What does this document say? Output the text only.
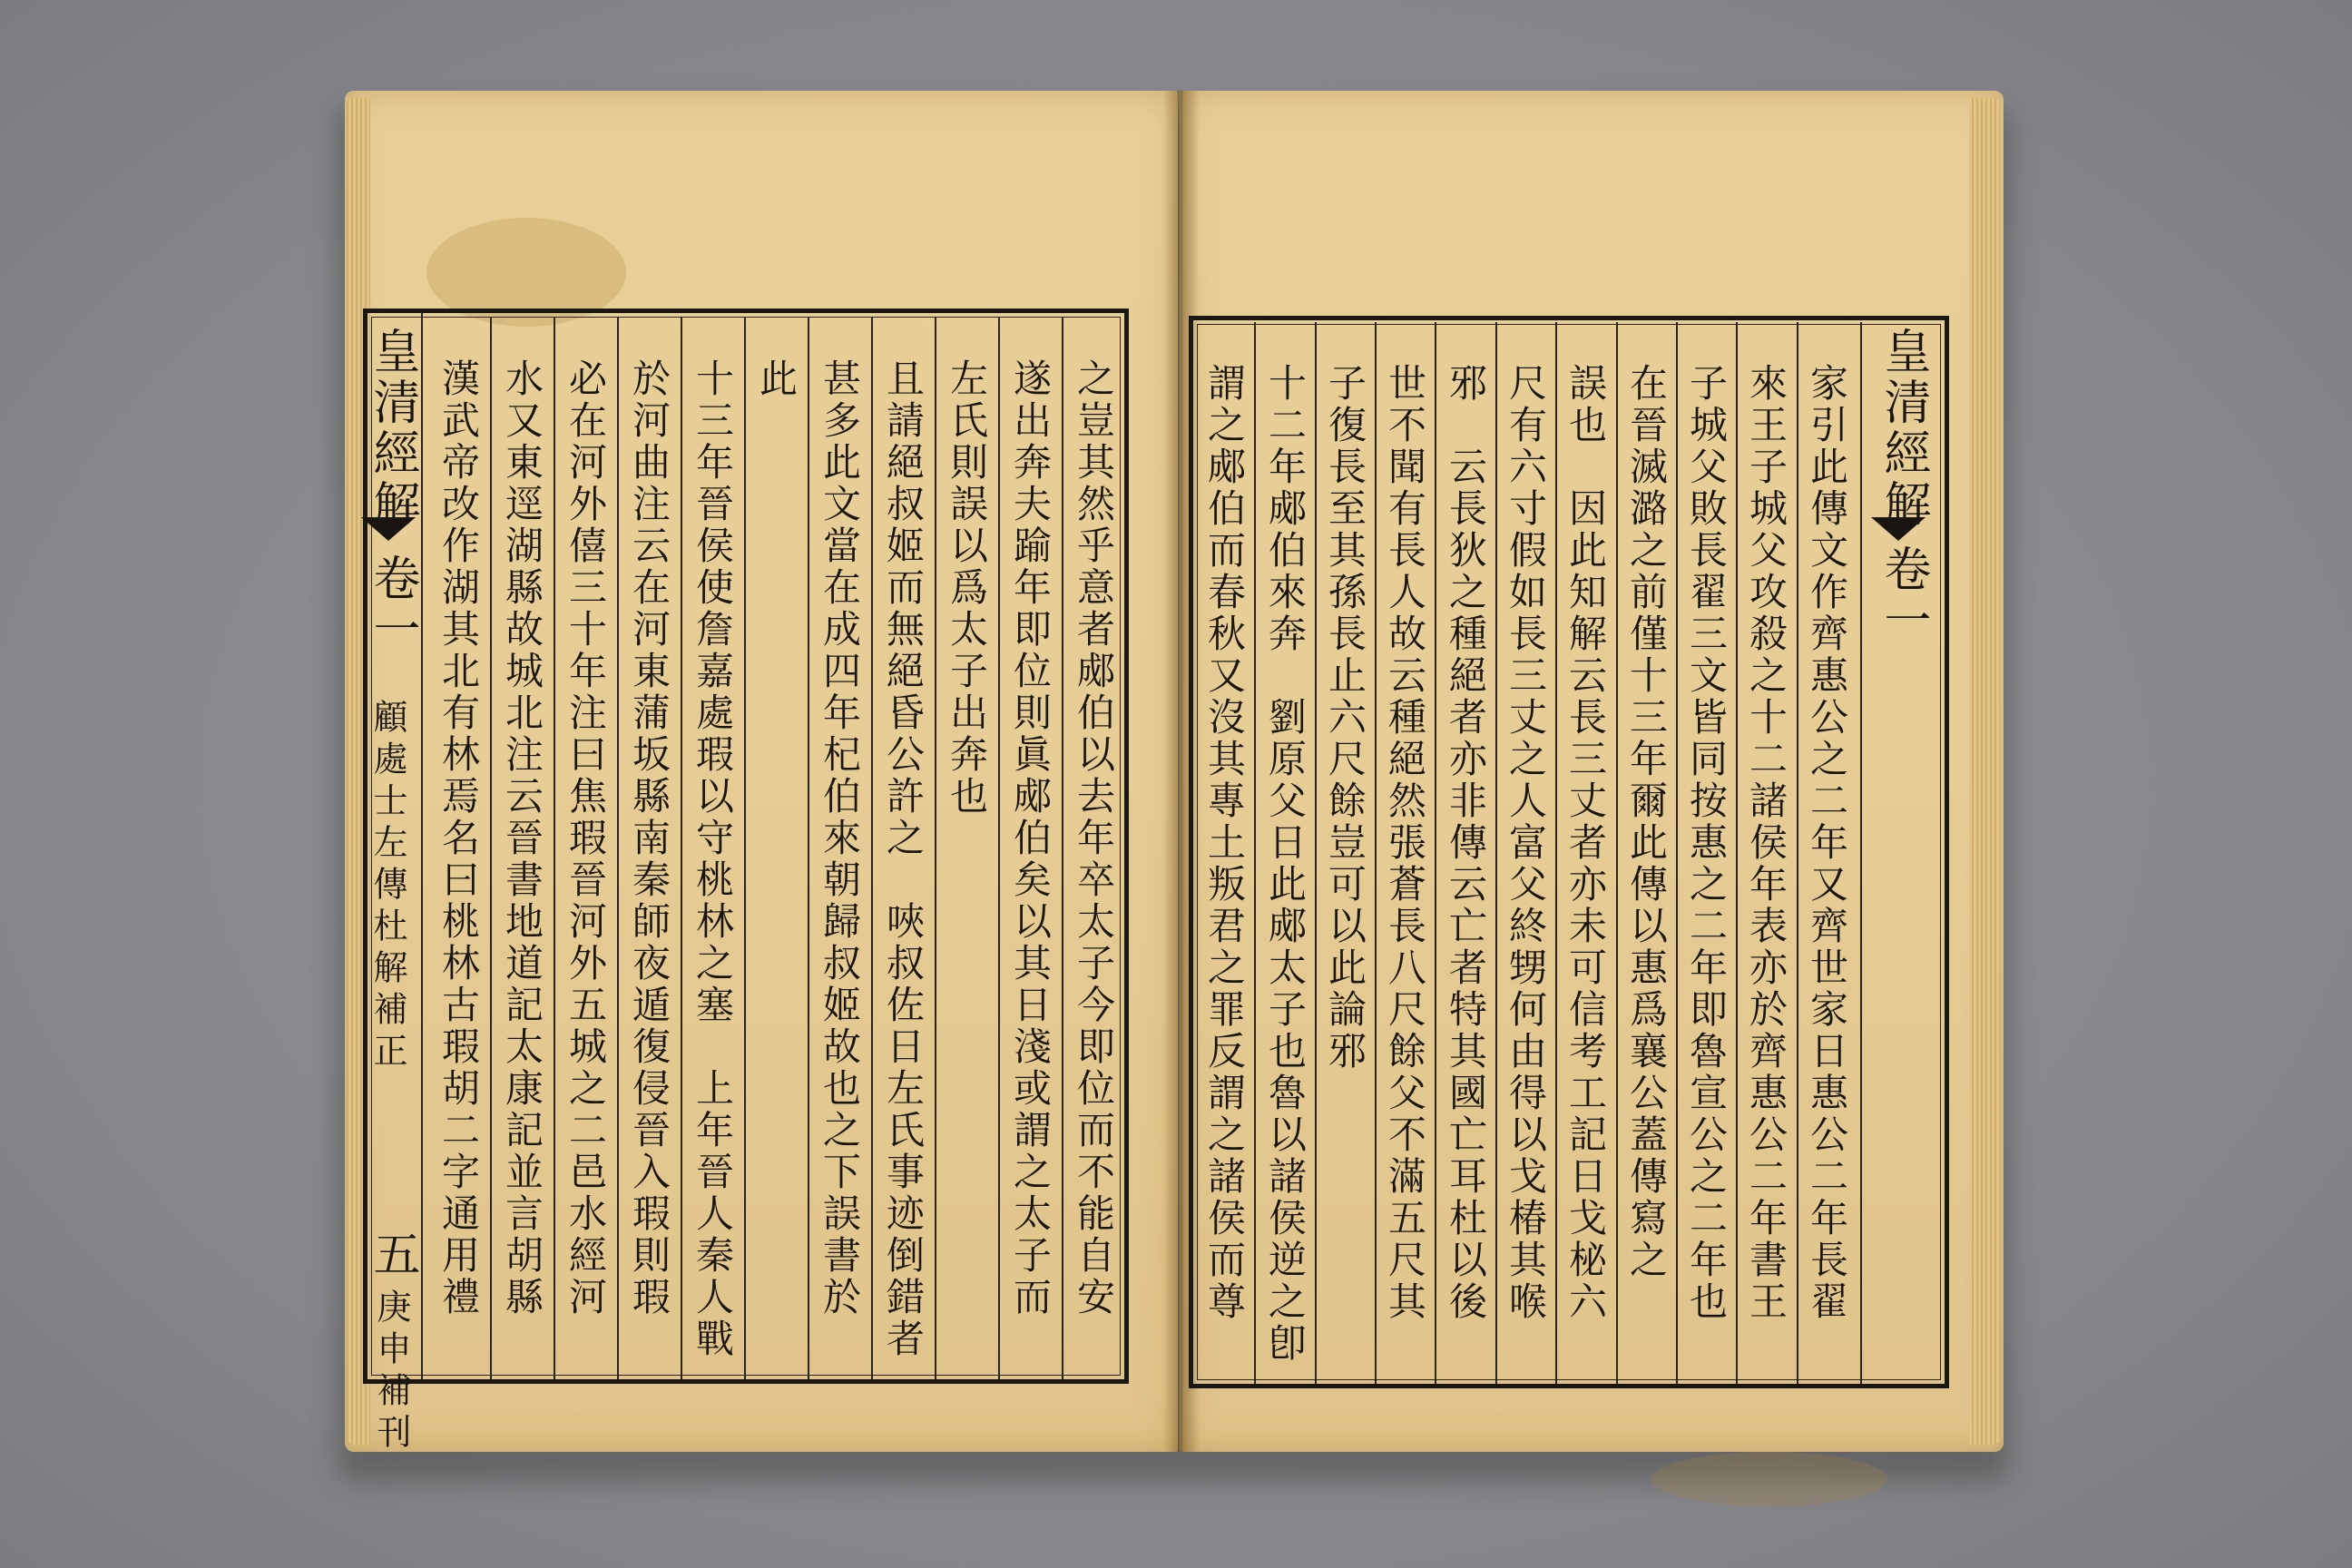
皇清經解
卷一
顧處士左傳杜解補正
五
庚申補刊
之豈其然乎意者郕伯以去年卒太子今即位而不能自安
遂出奔夫踰年即位則眞郕伯矣以其日淺或謂之太子而
左氏則誤以爲太子出奔也
且請絕叔姬而無絕昏公許之　唊叔佐日左氏事迹倒錯者
甚多此文當在成四年杞伯來朝歸叔姬故也之下誤書於
此
十三年晉侯使詹嘉處瑕以守桃林之塞　上年晉人秦人戰
於河曲注云在河東蒲坂縣南秦師夜遁復侵晉入瑕則瑕
必在河外僖三十年注曰焦瑕晉河外五城之二邑水經河
水又東逕湖縣故城北注云晉書地道記太康記並言胡縣
漢武帝改作湖其北有林焉名曰桃林古瑕胡二字通用禮	皇清經解
卷一
家引此傳文作齊惠公之二年又齊世家日惠公二年長翟
來王子城父攻殺之十二諸侯年表亦於齊惠公二年書王
子城父敗長翟三文皆同按惠之二年即魯宣公之二年也
在晉滅潞之前僅十三年爾此傳以惠爲襄公蓋傳寫之
誤也　因此知解云長三丈者亦未可信考工記日戈柲六
尺有六寸假如長三丈之人富父終甥何由得以戈椿其喉
邪　云長狄之種絕者亦非傳云亡者特其國亡耳杜以後
世不聞有長人故云種絕然張蒼長八尺餘父不滿五尺其
子復長至其孫長止六尺餘豈可以此論邪
十二年郕伯來奔　劉原父日此郕太子也魯以諸侯逆之卽
謂之郕伯而春秋又沒其專土叛君之罪反謂之諸侯而尊
